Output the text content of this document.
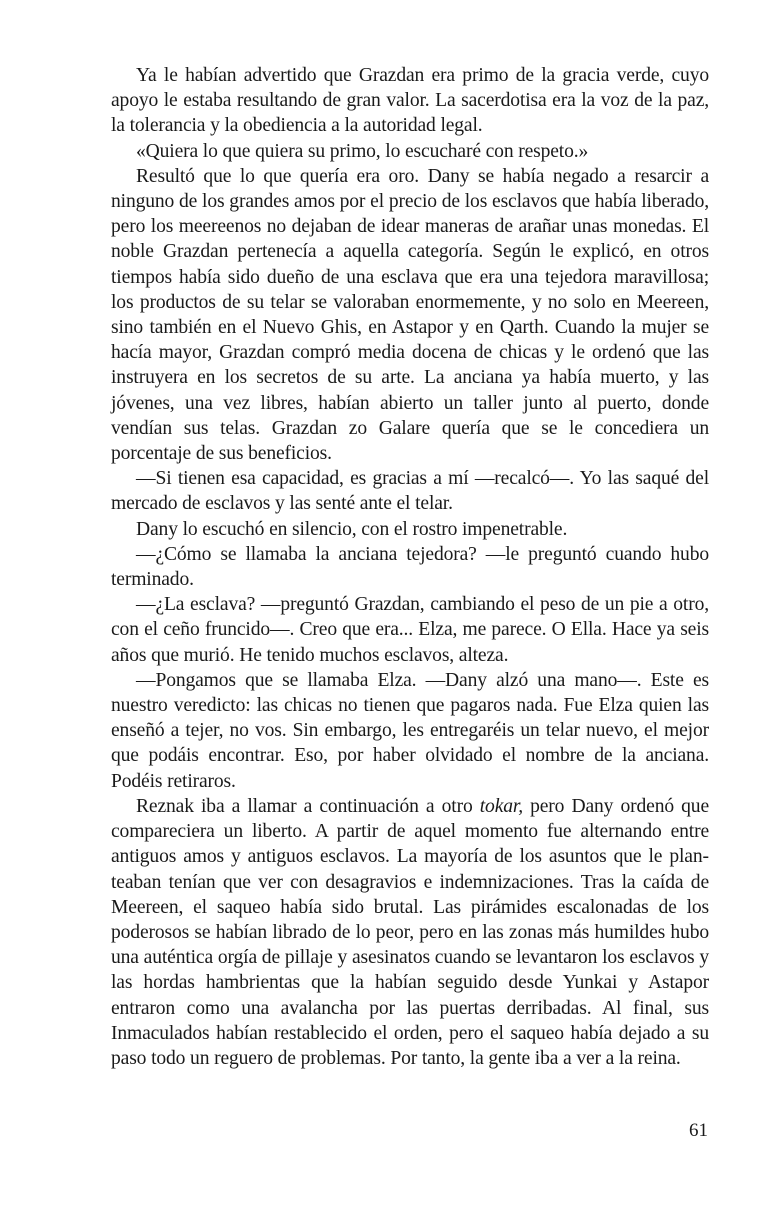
Ya le habían advertido que Grazdan era primo de la gracia verde, cuyo apoyo le estaba resultando de gran valor. La sacerdotisa era la voz de la paz, la tolerancia y la obediencia a la autoridad legal.

«Quiera lo que quiera su primo, lo escucharé con respeto.»

Resultó que lo que quería era oro. Dany se había negado a resarcir a ninguno de los grandes amos por el precio de los esclavos que había liberado, pero los meereenos no dejaban de idear maneras de arañar unas monedas. El noble Grazdan pertenecía a aquella categoría. Según le explicó, en otros tiempos había sido dueño de una esclava que era una tejedora maravillosa; los productos de su telar se valoraban enormemente, y no solo en Meereen, sino también en el Nuevo Ghis, en Astapor y en Qarth. Cuando la mujer se hacía mayor, Grazdan compró media docena de chicas y le ordenó que las instruyera en los secretos de su arte. La anciana ya había muerto, y las jóvenes, una vez libres, habían abierto un taller junto al puerto, donde vendían sus telas. Grazdan zo Galare quería que se le concediera un porcentaje de sus beneficios.

—Si tienen esa capacidad, es gracias a mí —recalcó—. Yo las saqué del mercado de esclavos y las senté ante el telar.

Dany lo escuchó en silencio, con el rostro impenetrable.

—¿Cómo se llamaba la anciana tejedora? —le preguntó cuando hubo terminado.

—¿La esclava? —preguntó Grazdan, cambiando el peso de un pie a otro, con el ceño fruncido—. Creo que era... Elza, me parece. O Ella. Hace ya seis años que murió. He tenido muchos esclavos, alteza.

—Pongamos que se llamaba Elza. —Dany alzó una mano—. Este es nuestro veredicto: las chicas no tienen que pagaros nada. Fue Elza quien las enseñó a tejer, no vos. Sin embargo, les entregaréis un telar nuevo, el mejor que podáis encontrar. Eso, por haber olvidado el nombre de la anciana. Podéis retiraros.

Reznak iba a llamar a continuación a otro tokar, pero Dany ordenó que compareciera un liberto. A partir de aquel momento fue alternando entre antiguos amos y antiguos esclavos. La mayoría de los asuntos que le planteaban tenían que ver con desagravios e indemnizaciones. Tras la caída de Meereen, el saqueo había sido brutal. Las pirámides escalonadas de los poderosos se habían librado de lo peor, pero en las zonas más humildes hubo una auténtica orgía de pillaje y asesinatos cuando se levantaron los esclavos y las hordas hambrientas que la habían seguido desde Yunkai y Astapor entraron como una avalancha por las puertas derribadas. Al final, sus Inmaculados habían restablecido el orden, pero el saqueo había dejado a su paso todo un reguero de problemas. Por tanto, la gente iba a ver a la reina.

61
